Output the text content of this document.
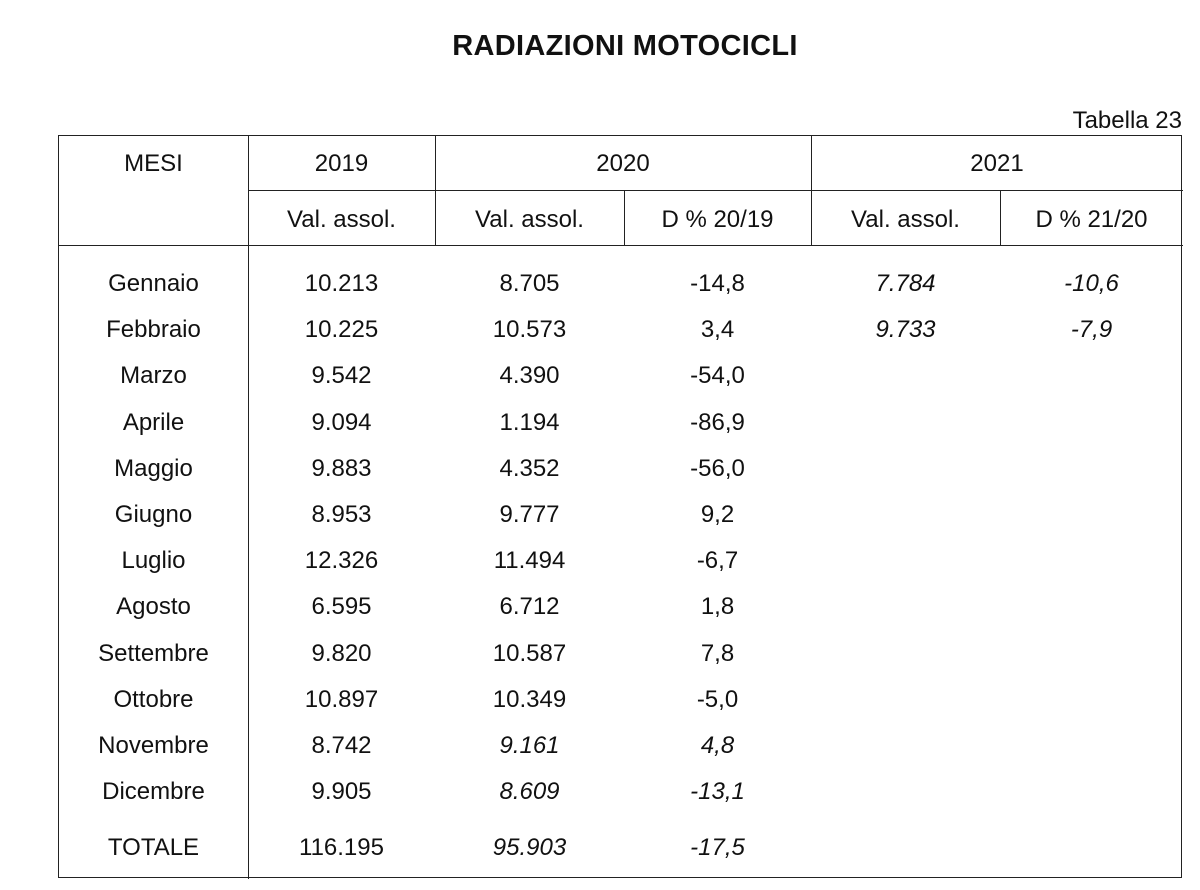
RADIAZIONI MOTOCICLI
Tabella 23
MESI	2019	2020	2021
Val. assol.	Val. assol.	D % 20/19	Val. assol.	D % 21/20
Gennaio	10.213	8.705	-14,8	7.784	-10,6
Febbraio	10.225	10.573	3,4	9.733	-7,9
Marzo	9.542	4.390	-54,0
Aprile	9.094	1.194	-86,9
Maggio	9.883	4.352	-56,0
Giugno	8.953	9.777	9,2
Luglio	12.326	11.494	-6,7
Agosto	6.595	6.712	1,8
Settembre	9.820	10.587	7,8
Ottobre	10.897	10.349	-5,0
Novembre	8.742	9.161	4,8
Dicembre	9.905	8.609	-13,1
TOTALE	116.195	95.903	-17,5
